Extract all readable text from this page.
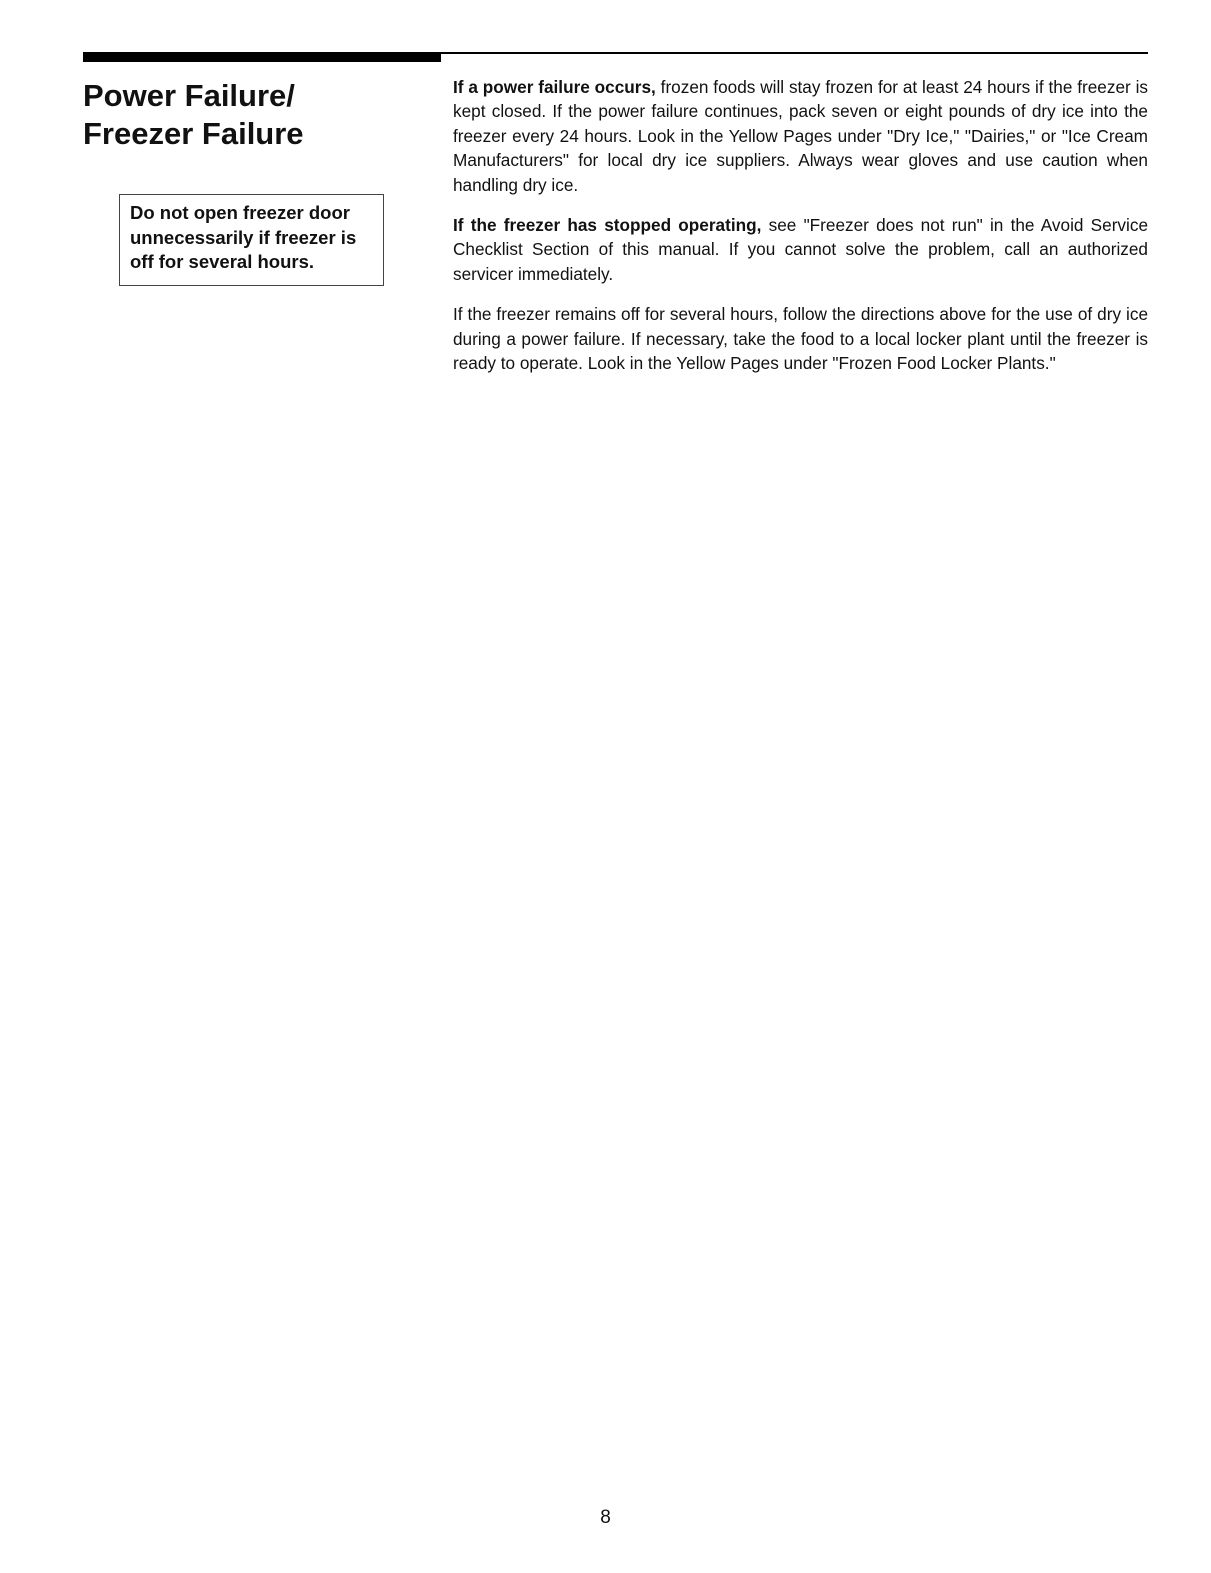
Power Failure/
Freezer Failure
Do not open freezer door
unnecessarily if freezer is
off for several hours.

If a power failure occurs, frozen foods will stay frozen for at least 24 hours if the freezer is kept closed. If the power failure continues, pack seven or eight pounds of dry ice into the freezer every 24 hours. Look in the Yellow Pages under "Dry Ice," "Dairies," or "Ice Cream Manufacturers" for local dry ice suppliers. Always wear gloves and use caution when handling dry ice.

If the freezer has stopped operating, see "Freezer does not run" in the Avoid Service Checklist Section of this manual. If you cannot solve the problem, call an authorized servicer immediately.

If the freezer remains off for several hours, follow the directions above for the use of dry ice during a power failure. If necessary, take the food to a local locker plant until the freezer is ready to operate. Look in the Yellow Pages under "Frozen Food Locker Plants."

8
